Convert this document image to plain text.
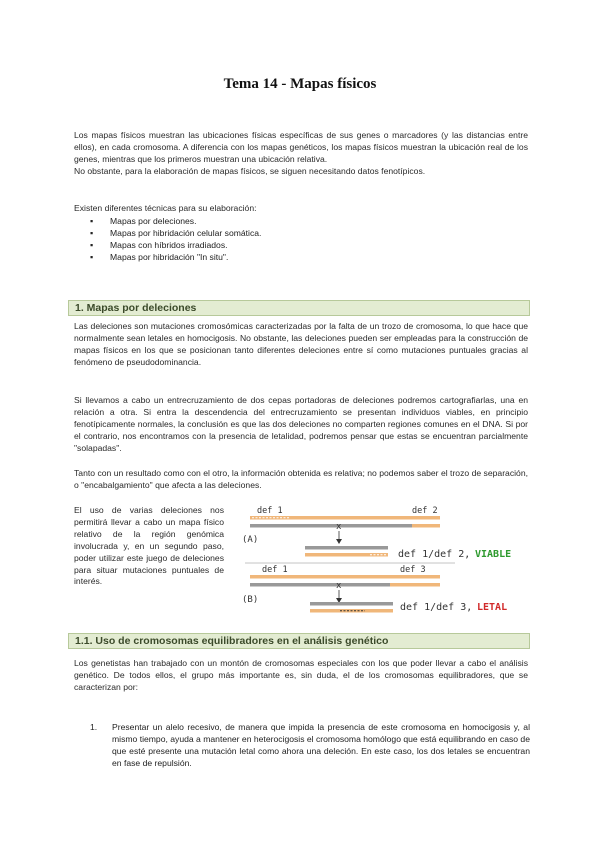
Tema 14 - Mapas físicos

Los mapas físicos muestran las ubicaciones físicas específicas de sus genes o marcadores (y las distancias entre ellos), en cada cromosoma. A diferencia con los mapas genéticos, los mapas físicos muestran la ubicación real de los genes, mientras que los primeros muestran una ubicación relativa.

No obstante, para la elaboración de mapas físicos, se siguen necesitando datos fenotípicos.

Existen diferentes técnicas para su elaboración:
▪ Mapas por deleciones.
▪ Mapas por hibridación celular somática.
▪ Mapas con híbridos irradiados.
▪ Mapas por hibridación "In situ".
1. Mapas por deleciones
Las deleciones son mutaciones cromosómicas caracterizadas por la falta de un trozo de cromosoma, lo que hace que normalmente sean letales en homocigosis. No obstante, las deleciones pueden ser empleadas para la construcción de mapas físicos en los que se posicionan tanto diferentes deleciones entre sí como mutaciones puntuales gracias al fenómeno de pseudodominancia.
Si llevamos a cabo un entrecruzamiento de dos cepas portadoras de deleciones podremos cartografiarlas, una en relación a otra. Si entra la descendencia del entrecruzamiento se presentan individuos viables, en principio fenotípicamente normales, la conclusión es que las dos deleciones no comparten regiones comunes en el DNA. Si por el contrario, nos encontramos con la presencia de letalidad, podremos pensar que estas se encuentran parcialmente "solapadas".
Tanto con un resultado como con el otro, la información obtenida es relativa; no podemos saber el trozo de separación, o "encabalgamiento" que afecta a las deleciones.
El uso de varias deleciones nos permitirá llevar a cabo un mapa físico relativo de la región genómica involucrada y, en un segundo paso, poder utilizar este juego de deleciones para situar mutaciones puntuales de interés.
(A)
def 1	def 2
x
def 1/def 2, VIABLE
(B)
def 1	def 3
x
def 1/def 3, LETAL
1.1. Uso de cromosomas equilibradores en el análisis genético
Los genetistas han trabajado con un montón de cromosomas especiales con los que poder llevar a cabo el análisis genético. De todos ellos, el grupo más importante es, sin duda, el de los cromosomas equilibradores, que se caracterizan por:
1. Presentar un alelo recesivo, de manera que impida la presencia de este cromosoma en homocigosis y, al mismo tiempo, ayuda a mantener en heterocigosis el cromosoma homólogo que está equilibrando en caso de que esté presente una mutación letal como ahora una deleción. En este caso, los dos letales se encuentran en fase de repulsión.
